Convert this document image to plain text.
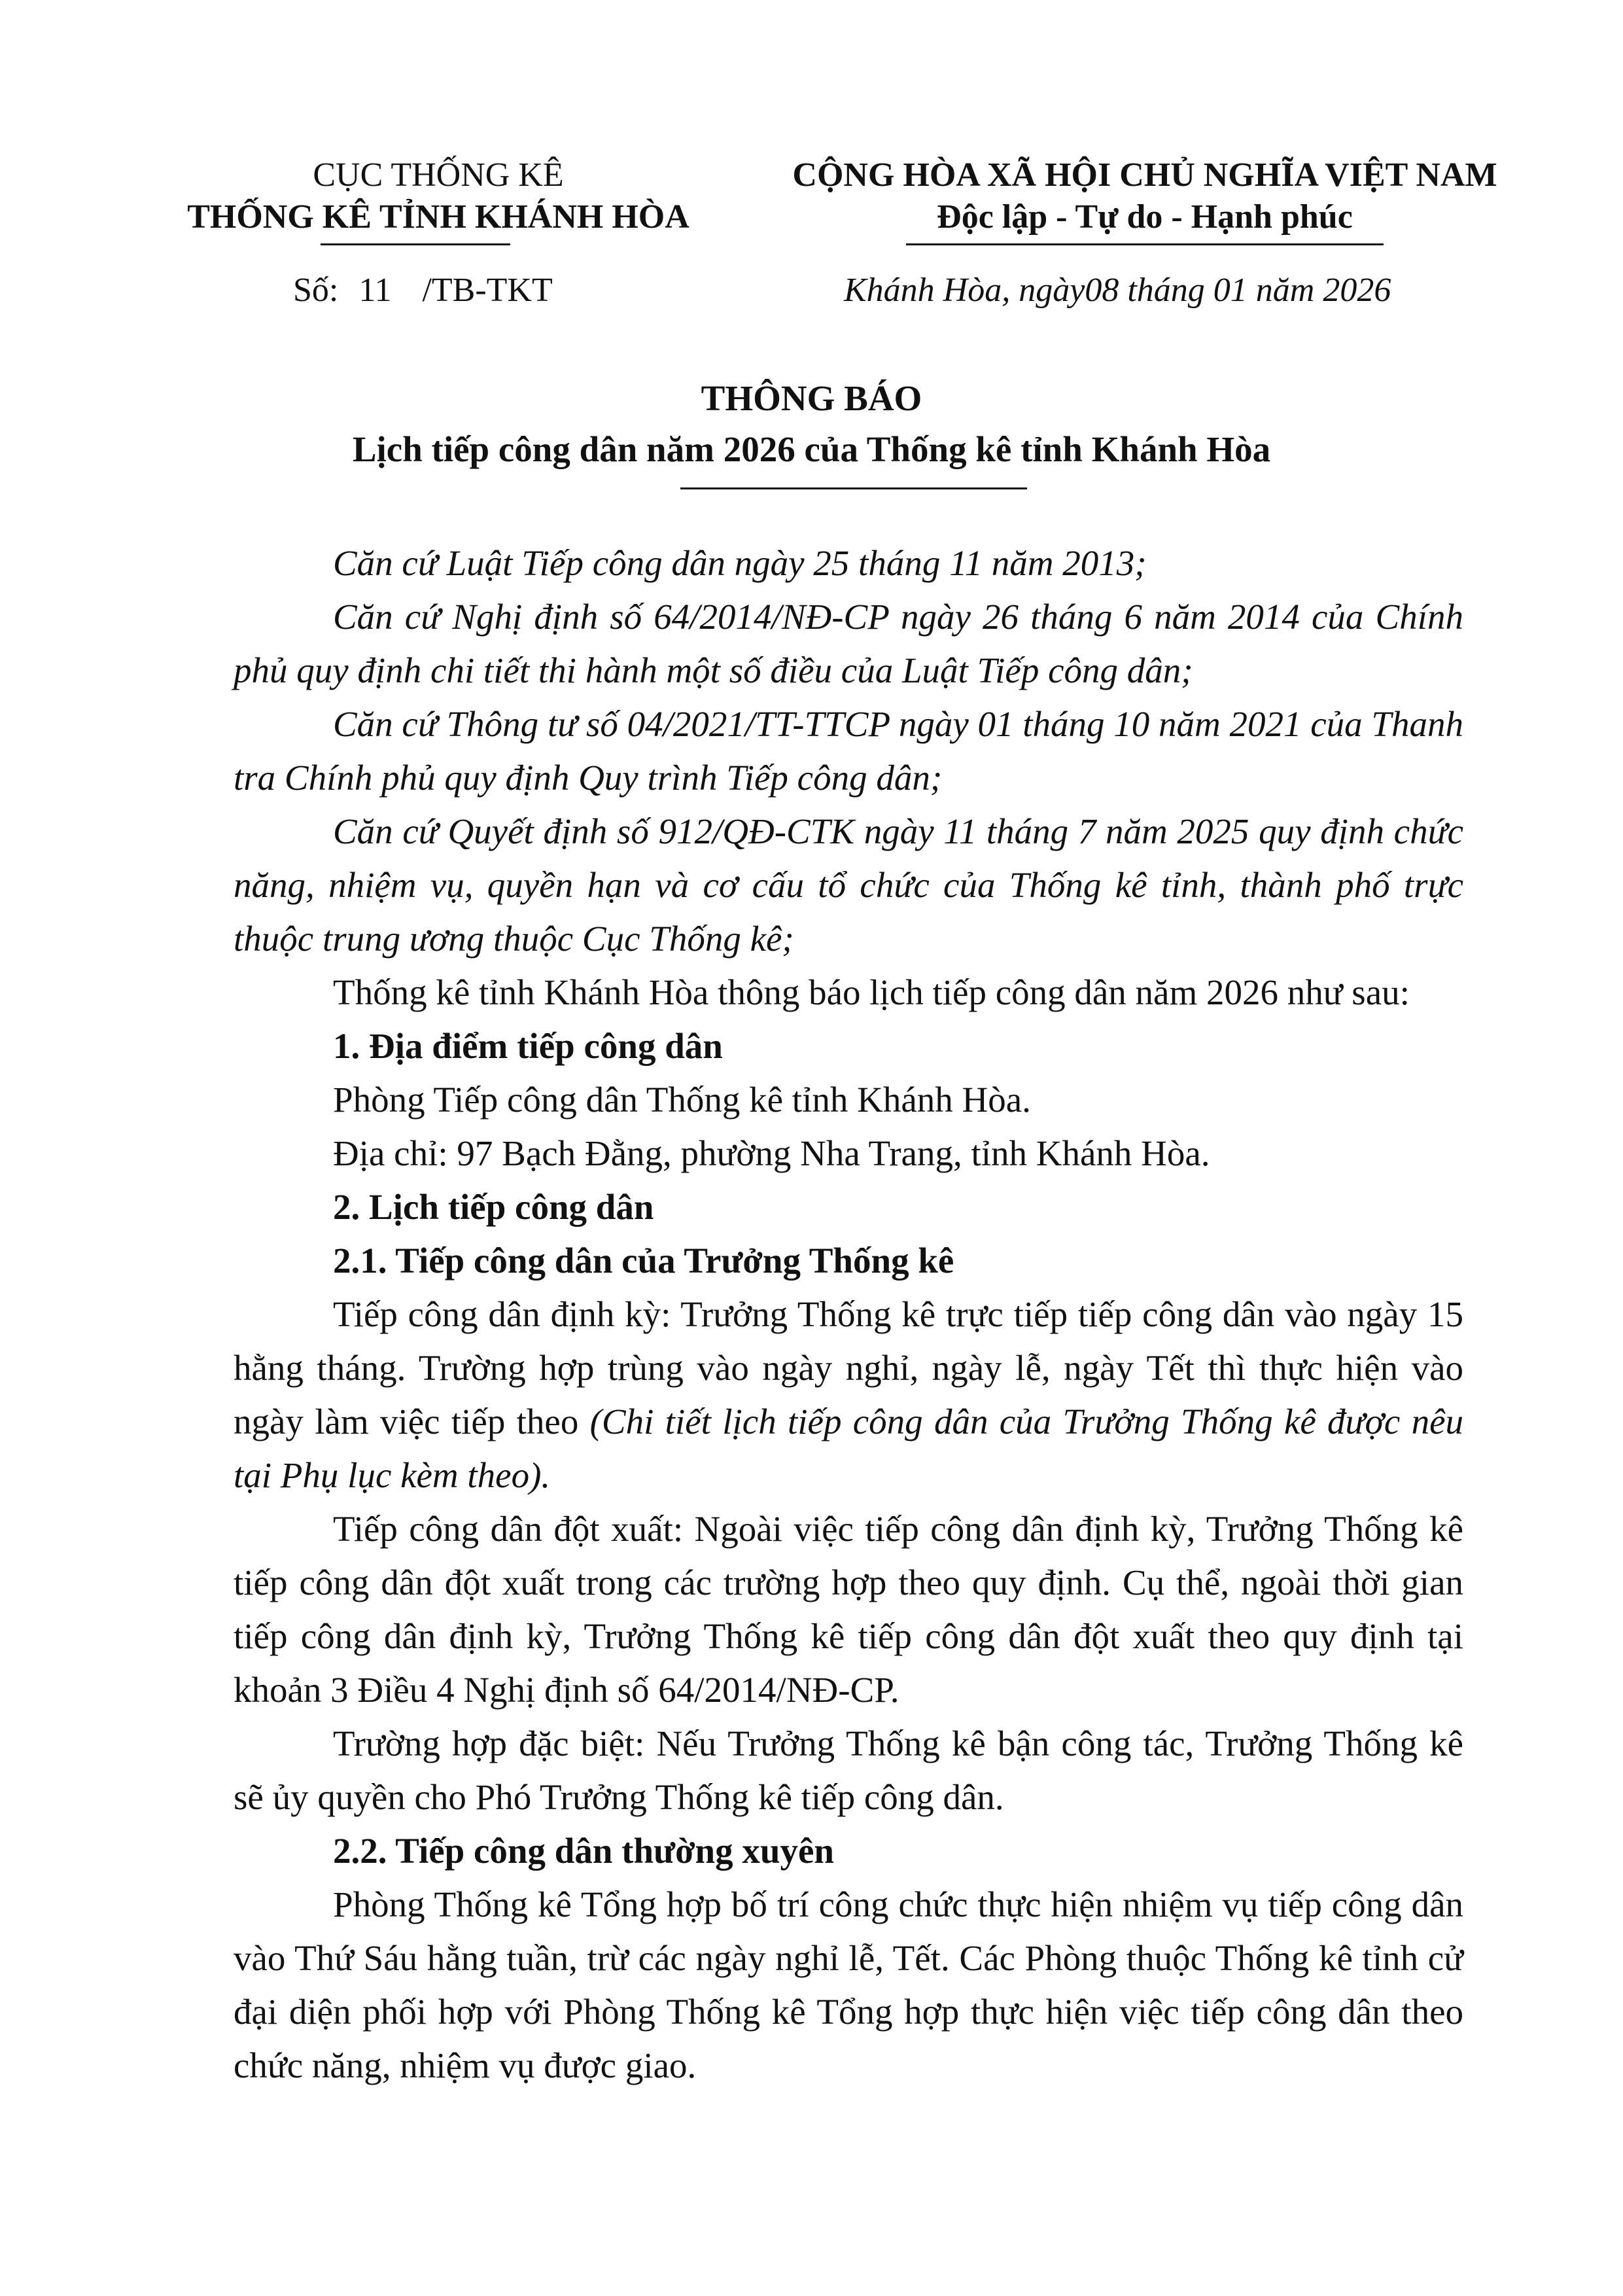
CỤC THỐNG KÊ
THỐNG KÊ TỈNH KHÁNH HÒA
Số: 11 /TB-TKT
CỘNG HÒA XÃ HỘI CHỦ NGHĨA VIỆT NAM
Độc lập - Tự do - Hạnh phúc
Khánh Hòa, ngày08 tháng 01 năm 2026
THÔNG BÁO
Lịch tiếp công dân năm 2026 của Thống kê tỉnh Khánh Hòa

Căn cứ Luật Tiếp công dân ngày 25 tháng 11 năm 2013;

Căn cứ Nghị định số 64/2014/NĐ-CP ngày 26 tháng 6 năm 2014 của Chính phủ quy định chi tiết thi hành một số điều của Luật Tiếp công dân;

Căn cứ Thông tư số 04/2021/TT-TTCP ngày 01 tháng 10 năm 2021 của Thanh tra Chính phủ quy định Quy trình Tiếp công dân;

Căn cứ Quyết định số 912/QĐ-CTK ngày 11 tháng 7 năm 2025 quy định chức năng, nhiệm vụ, quyền hạn và cơ cấu tổ chức của Thống kê tỉnh, thành phố trực thuộc trung ương thuộc Cục Thống kê;

Thống kê tỉnh Khánh Hòa thông báo lịch tiếp công dân năm 2026 như sau:

1. Địa điểm tiếp công dân

Phòng Tiếp công dân Thống kê tỉnh Khánh Hòa.

Địa chỉ: 97 Bạch Đằng, phường Nha Trang, tỉnh Khánh Hòa.

2. Lịch tiếp công dân

2.1. Tiếp công dân của Trưởng Thống kê

Tiếp công dân định kỳ: Trưởng Thống kê trực tiếp tiếp công dân vào ngày 15 hằng tháng. Trường hợp trùng vào ngày nghỉ, ngày lễ, ngày Tết thì thực hiện vào ngày làm việc tiếp theo (Chi tiết lịch tiếp công dân của Trưởng Thống kê được nêu tại Phụ lục kèm theo).

Tiếp công dân đột xuất: Ngoài việc tiếp công dân định kỳ, Trưởng Thống kê tiếp công dân đột xuất trong các trường hợp theo quy định. Cụ thể, ngoài thời gian tiếp công dân định kỳ, Trưởng Thống kê tiếp công dân đột xuất theo quy định tại khoản 3 Điều 4 Nghị định số 64/2014/NĐ-CP.

Trường hợp đặc biệt: Nếu Trưởng Thống kê bận công tác, Trưởng Thống kê sẽ ủy quyền cho Phó Trưởng Thống kê tiếp công dân.

2.2. Tiếp công dân thường xuyên

Phòng Thống kê Tổng hợp bố trí công chức thực hiện nhiệm vụ tiếp công dân vào Thứ Sáu hằng tuần, trừ các ngày nghỉ lễ, Tết. Các Phòng thuộc Thống kê tỉnh cử đại diện phối hợp với Phòng Thống kê Tổng hợp thực hiện việc tiếp công dân theo chức năng, nhiệm vụ được giao.
